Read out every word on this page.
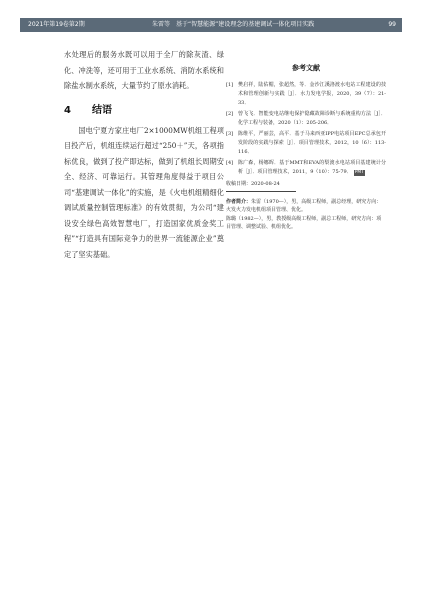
2021年第19卷第2期	朱雷等　基于“智慧能源”建设理念的基建调试一体化项目实践	99

水处理后的服务水既可以用于全厂的除灰渣、绿化、冲洗等，还可用于工业水系统、消防水系统和除盐水制水系统，大量节约了原水消耗。

4 结语

国电宁夏方家庄电厂2×1000MW机组工程项目投产后，机组连续运行超过“250＋”天，各项指标优良，做到了投产即达标，做到了机组长周期安全、经济、可靠运行。其管理角度得益于项目公司“基建调试一体化”的实施，是《火电机组精细化调试质量控制管理标准》的有效贯彻，为公司“建设安全绿色高效智慧电厂，打造国家优质金奖工程”“打造具有国际竞争力的世界一流能源企业”奠定了坚实基础。

参考文献
[1] 樊启祥，陆佑楣，张超然，等．金沙江溪洛渡水电站工程建设的技术和管理创新与实践［J］．水力发电学报，2020，39（7）：21-33．
[2] 曾飞飞．智能变电站继电保护隐藏故障诊断与系统重构方法［J］．化学工程与装备，2020（1）：205-206．
[3] 陈维平，严丽芸，高平．基于马来西亚IPP电站项目EPC总承包开发阶段的实践与探索［J］．项目管理技术，2012，10（6）：113-116．
[4] 陈广森，杨娜晖．基于MMT和EVA的梨渡水电站项目基建统计分析［J］．项目管理技术，2011，9（10）：75-79． PMT
收稿日期：2020-08-24
作者简介：朱雷（1970—），男，高级工程师，副总经理，研究方向：火发火力发电机组项目管理、优化。
陈璐（1982—），男，教授级高级工程师，副总工程师，研究方向：项目管理、调整试验、机组优化。
